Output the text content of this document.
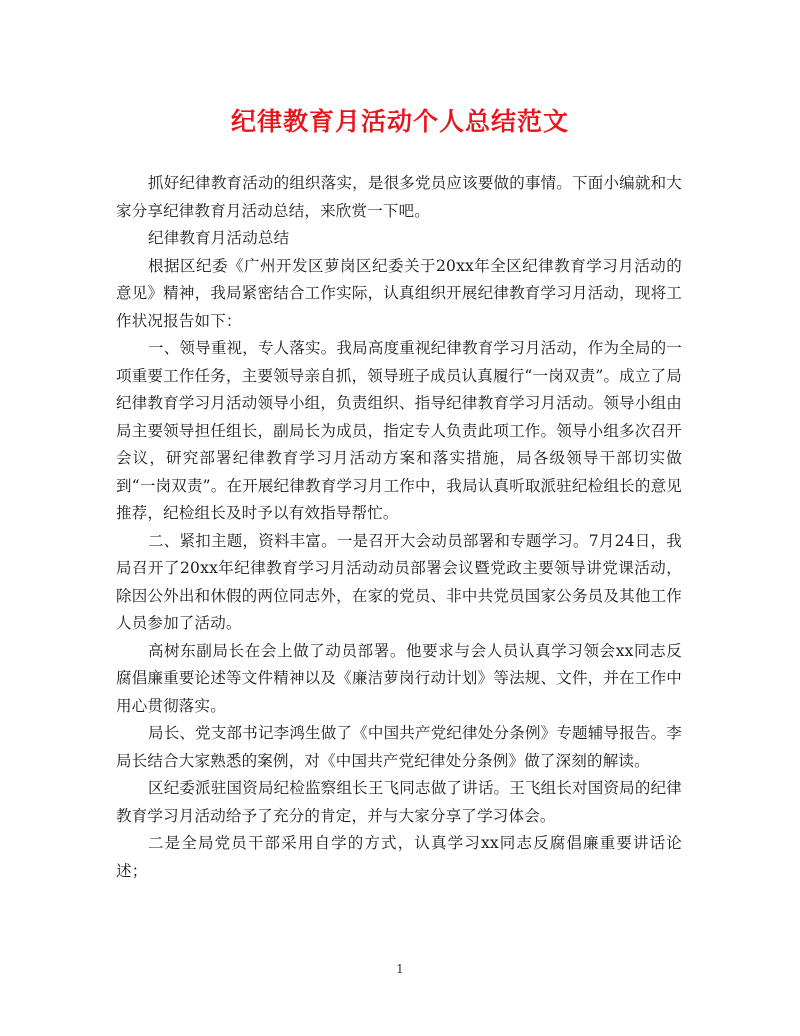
纪律教育月活动个人总结范文

抓好纪律教育活动的组织落实，是很多党员应该要做的事情。下面小编就和大家分享纪律教育月活动总结，来欣赏一下吧。

纪律教育月活动总结

根据区纪委《广州开发区萝岗区纪委关于20xx年全区纪律教育学习月活动的意见》精神，我局紧密结合工作实际，认真组织开展纪律教育学习月活动，现将工作状况报告如下：

一、领导重视，专人落实。我局高度重视纪律教育学习月活动，作为全局的一项重要工作任务，主要领导亲自抓，领导班子成员认真履行“一岗双责”。成立了局纪律教育学习月活动领导小组，负责组织、指导纪律教育学习月活动。领导小组由局主要领导担任组长，副局长为成员，指定专人负责此项工作。领导小组多次召开会议，研究部署纪律教育学习月活动方案和落实措施，局各级领导干部切实做到“一岗双责”。在开展纪律教育学习月工作中，我局认真听取派驻纪检组长的意见推荐，纪检组长及时予以有效指导帮忙。

二、紧扣主题，资料丰富。一是召开大会动员部署和专题学习。7月24日，我局召开了20xx年纪律教育学习月活动动员部署会议暨党政主要领导讲党课活动，除因公外出和休假的两位同志外，在家的党员、非中共党员国家公务员及其他工作人员参加了活动。

高树东副局长在会上做了动员部署。他要求与会人员认真学习领会xx同志反腐倡廉重要论述等文件精神以及《廉洁萝岗行动计划》等法规、文件，并在工作中用心贯彻落实。

局长、党支部书记李鸿生做了《中国共产党纪律处分条例》专题辅导报告。李局长结合大家熟悉的案例，对《中国共产党纪律处分条例》做了深刻的解读。

区纪委派驻国资局纪检监察组长王飞同志做了讲话。王飞组长对国资局的纪律教育学习月活动给予了充分的肯定，并与大家分享了学习体会。

二是全局党员干部采用自学的方式，认真学习xx同志反腐倡廉重要讲话论述；

1
